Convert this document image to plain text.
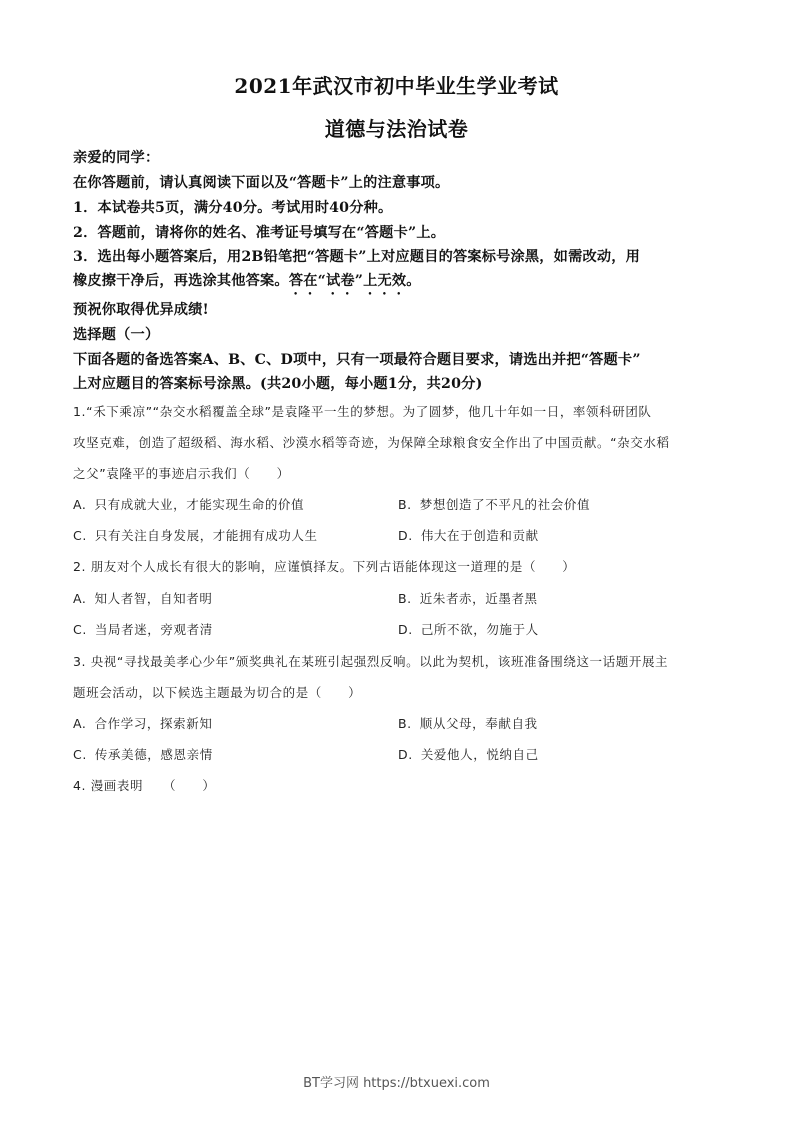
2021年武汉市初中毕业生学业考试
道德与法治试卷
亲爱的同学：
在你答题前，请认真阅读下面以及“答题卡”上的注意事项。
1．本试卷共5页，满分40分。考试用时40分种。
2．答题前，请将你的姓名、准考证号填写在“答题卡”上。
3．选出每小题答案后，用2B铅笔把“答题卡”上对应题目的答案标号涂黑，如需改动，用
橡皮擦干净后，再选涂其他答案。答在“试卷”上无效。
预祝你取得优异成绩!
选择题（一）
下面各题的备选答案A、B、C、D项中，只有一项最符合题目要求，请选出并把“答题卡”
上对应题目的答案标号涂黑。(共20小题，每小题1分，共20分)
1.“禾下乘凉”“杂交水稻覆盖全球”是袁隆平一生的梦想。为了圆梦，他几十年如一日，率领科研团队
攻坚克难，创造了超级稻、海水稻、沙漠水稻等奇迹，为保障全球粮食安全作出了中国贡献。“杂交水稻
之父”袁隆平的事迹启示我们（　　）
A. 只有成就大业，才能实现生命的价值	B. 梦想创造了不平凡的社会价值
C. 只有关注自身发展，才能拥有成功人生	D. 伟大在于创造和贡献
2. 朋友对个人成长有很大的影响，应谨慎择友。下列古语能体现这一道理的是（　　）
A. 知人者智，自知者明	B. 近朱者赤，近墨者黑
C. 当局者迷，旁观者清	D. 己所不欲，勿施于人
3. 央视“寻找最美孝心少年”颁奖典礼在某班引起强烈反响。以此为契机，该班准备围绕这一话题开展主
题班会活动，以下候选主题最为切合的是（　　）
A. 合作学习，探索新知	B. 顺从父母，奉献自我
C. 传承美德，感恩亲情	D. 关爱他人，悦纳自己
4. 漫画表明　　（　　）
BT学习网 https://btxuexi.com
